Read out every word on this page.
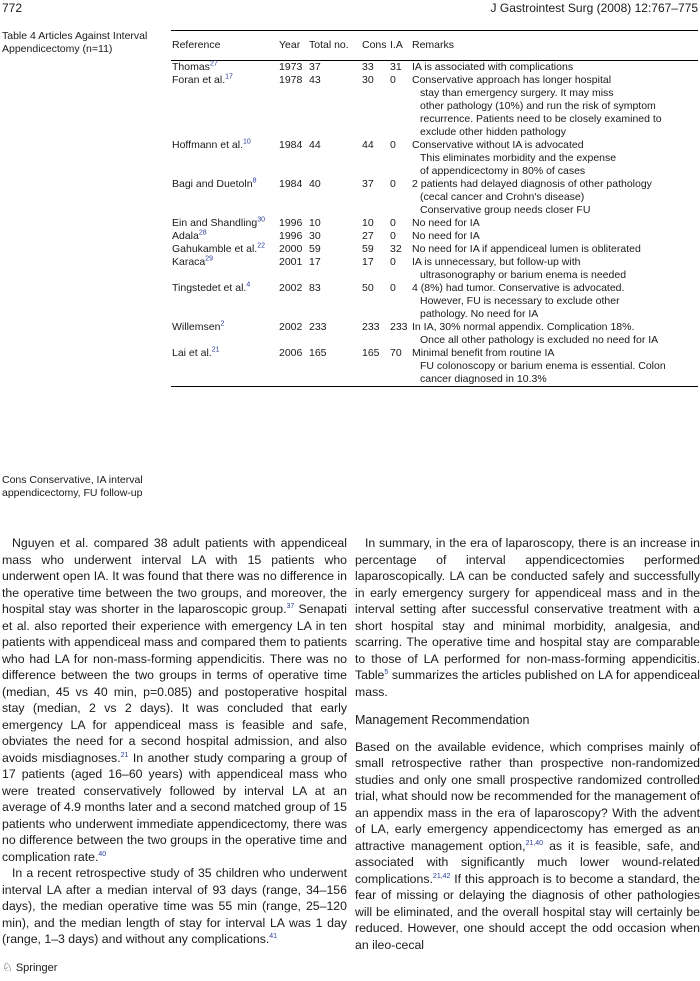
772	J Gastrointest Surg (2008) 12:767–775
Table 4 Articles Against Interval Appendicectomy (n=11)	Reference	Year	Total no.	Cons	I.A	Remarks
Thomas$^{27}$	1973	37	33	31	IA is associated with complications

Foran et al.$^{17}$	1978	43	30	0	Conservative approach has longer hospital
stay than emergency surgery. It may miss
other pathology (10%) and run the risk of symptom
recurrence. Patients need to be closely examined to
exclude other hidden pathology

Hoffmann et al.$^{10}$	1984	44	44	0	Conservative without IA is advocated
This eliminates morbidity and the expense
of appendicectomy in 80% of cases

Bagi and Duetoln$^8$	1984	40	37	0	2 patients had delayed diagnosis of other pathology
(cecal cancer and Crohn's disease)
Conservative group needs closer FU

Ein and Shandling$^{30}$	1996	10	10	0	No need for IA

Adala$^{28}$	1996	30	27	0	No need for IA

Gahukamble et al.$^{22}$	2000	59	59	32	No need for IA if appendiceal lumen is obliterated

Karaca$^{29}$	2001	17	17	0	IA is unnecessary, but follow-up with
ultrasonography or barium enema is needed

Tingstedet et al.$^4$	2002	83	50	0	4 (8%) had tumor. Conservative is advocated.
However, FU is necessary to exclude other
pathology. No need for IA

Willemsen$^2$	2002	233	233	233	In IA, 30% normal appendix. Complication 18%.
Once all other pathology is excluded no need for IA

Lai et al.$^{21}$	2006	165	165	70	Minimal benefit from routine IA
FU colonoscopy or barium enema is essential. Colon
cancer diagnosed in 10.3%
Cons Conservative, IA interval appendicectomy, FU follow-up

Nguyen et al. compared 38 adult patients with appendiceal mass who underwent interval LA with 15 patients who underwent open IA. It was found that there was no difference in the operative time between the two groups, and moreover, the hospital stay was shorter in the laparoscopic group.$^{37}$ Senapati et al. also reported their experience with emergency LA in ten patients with appendiceal mass and compared them to patients who had LA for non-mass-forming appendicitis. There was no difference between the two groups in terms of operative time (median, 45 vs 40 min, p=0.085) and postoperative hospital stay (median, 2 vs 2 days). It was concluded that early emergency LA for appendiceal mass is feasible and safe, obviates the need for a second hospital admission, and also avoids misdiagnoses.$^{21}$ In another study comparing a group of 17 patients (aged 16–60 years) with appendiceal mass who were treated conservatively followed by interval LA at an average of 4.9 months later and a second matched group of 15 patients who underwent immediate appendicectomy, there was no difference between the two groups in the operative time and complication rate.$^{40}$

In a recent retrospective study of 35 children who underwent interval LA after a median interval of 93 days (range, 34–156 days), the median operative time was 55 min (range, 25–120 min), and the median length of stay for interval LA was 1 day (range, 1–3 days) and without any complications.$^{41}$

In summary, in the era of laparoscopy, there is an increase in percentage of interval appendicectomies performed laparoscopically. LA can be conducted safely and successfully in early emergency surgery for appendiceal mass and in the interval setting after successful conservative treatment with a short hospital stay and minimal morbidity, analgesia, and scarring. The operative time and hospital stay are comparable to those of LA performed for non-mass-forming appendicitis. Table$^5$ summarizes the articles published on LA for appendiceal mass.

Management Recommendation

Based on the available evidence, which comprises mainly of small retrospective rather than prospective non-randomized studies and only one small prospective randomized controlled trial, what should now be recommended for the management of an appendix mass in the era of laparoscopy? With the advent of LA, early emergency appendicectomy has emerged as an attractive management option,$^{21,40}$ as it is feasible, safe, and associated with significantly much lower wound-related complications.$^{21,42}$ If this approach is to become a standard, the fear of missing or delaying the diagnosis of other pathologies will be eliminated, and the overall hospital stay will certainly be reduced. However, one should accept the odd occasion when an ileo-cecal

♘ Springer
